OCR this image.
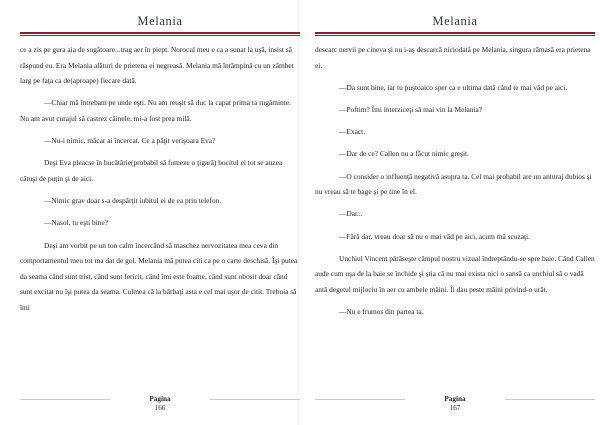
Melania

ce a zis pe gura aia de sugătoare...trag aer în piept. Norocul meu e ca a sunat la uşă, insist să răspund eu. Era Melania alături de prietena ei negreasă. Melania mă întâmpină cu un zâmbet larg pe faţa ca de(aproape) fiecare dată.

—Chiar mă întrebam pe unde eşti. Nu am reuşit să duc la capat prima ta rugăminte. Nu am avut curajul să castrez câinele, mi-a fost prea milă.

—Nu-i nimic, măcar ai încercat. Ce a păţit verişoara Eva?

Deşi Eva pleacse în bucătărie(probabil să fumeze o ţigară) bocitul ei tot se auzea câtuşi de puţin şi de aici.

—Nimic grav doar s-a despărţit iubitul ei de ea prin telefon.

—Nasol, tu eşti bine?

Deşi am vorbit pe un ton calm încercând să maschez nervozitatea mea ceva din comportamentul meu tot ma dat de gol. Melania mă putea citi ca pe o carte deschisă. Îşi putea da seama când sunt trist, când sunt fericit, când îmi este foame, când sunt obosit doar când sunt excitat nu îşi putea da seama. Culmea că la bărbaţi asta e cel mai uşor de citit. Trebuia să îmi

Pagina
166
Melania

descarc nervii pe cineva şi nu i-aş descarcă niciodată pe Melania, singura rămasă era prietena ei.

—Da sunt bine, iar tu puştoaico sper ca e ultima dată când te mai văd pe aici.

—Poftim? Îmi interzicеţi să mai vin la Melania?

—Exact.

—Dar de ce? Callen nu a făcut nimic greşit.

—O consider o influenţă negativă asupra ta. Cel mai probabil are un anturaj dubios şi nu vreau să te bage şi pe tine în el.

—Dar...

—Fără dar, vreau doar să nu o mai văd pe aici, acum mă scuzaţi.

Unchiul Vincent părăseşte câmpul nostru vizual îndreptându-se spre baie. Când Callen aude cum uşa de la baie se închide şi ştia că nu mai exista nici o sansă ca unchiul să o vadă antă degetul mijlociu în aer cu ambele mâini. Îi dau peste mâini privind-o urât.

—Nu e frumos din partea ta.

Pagina
167
